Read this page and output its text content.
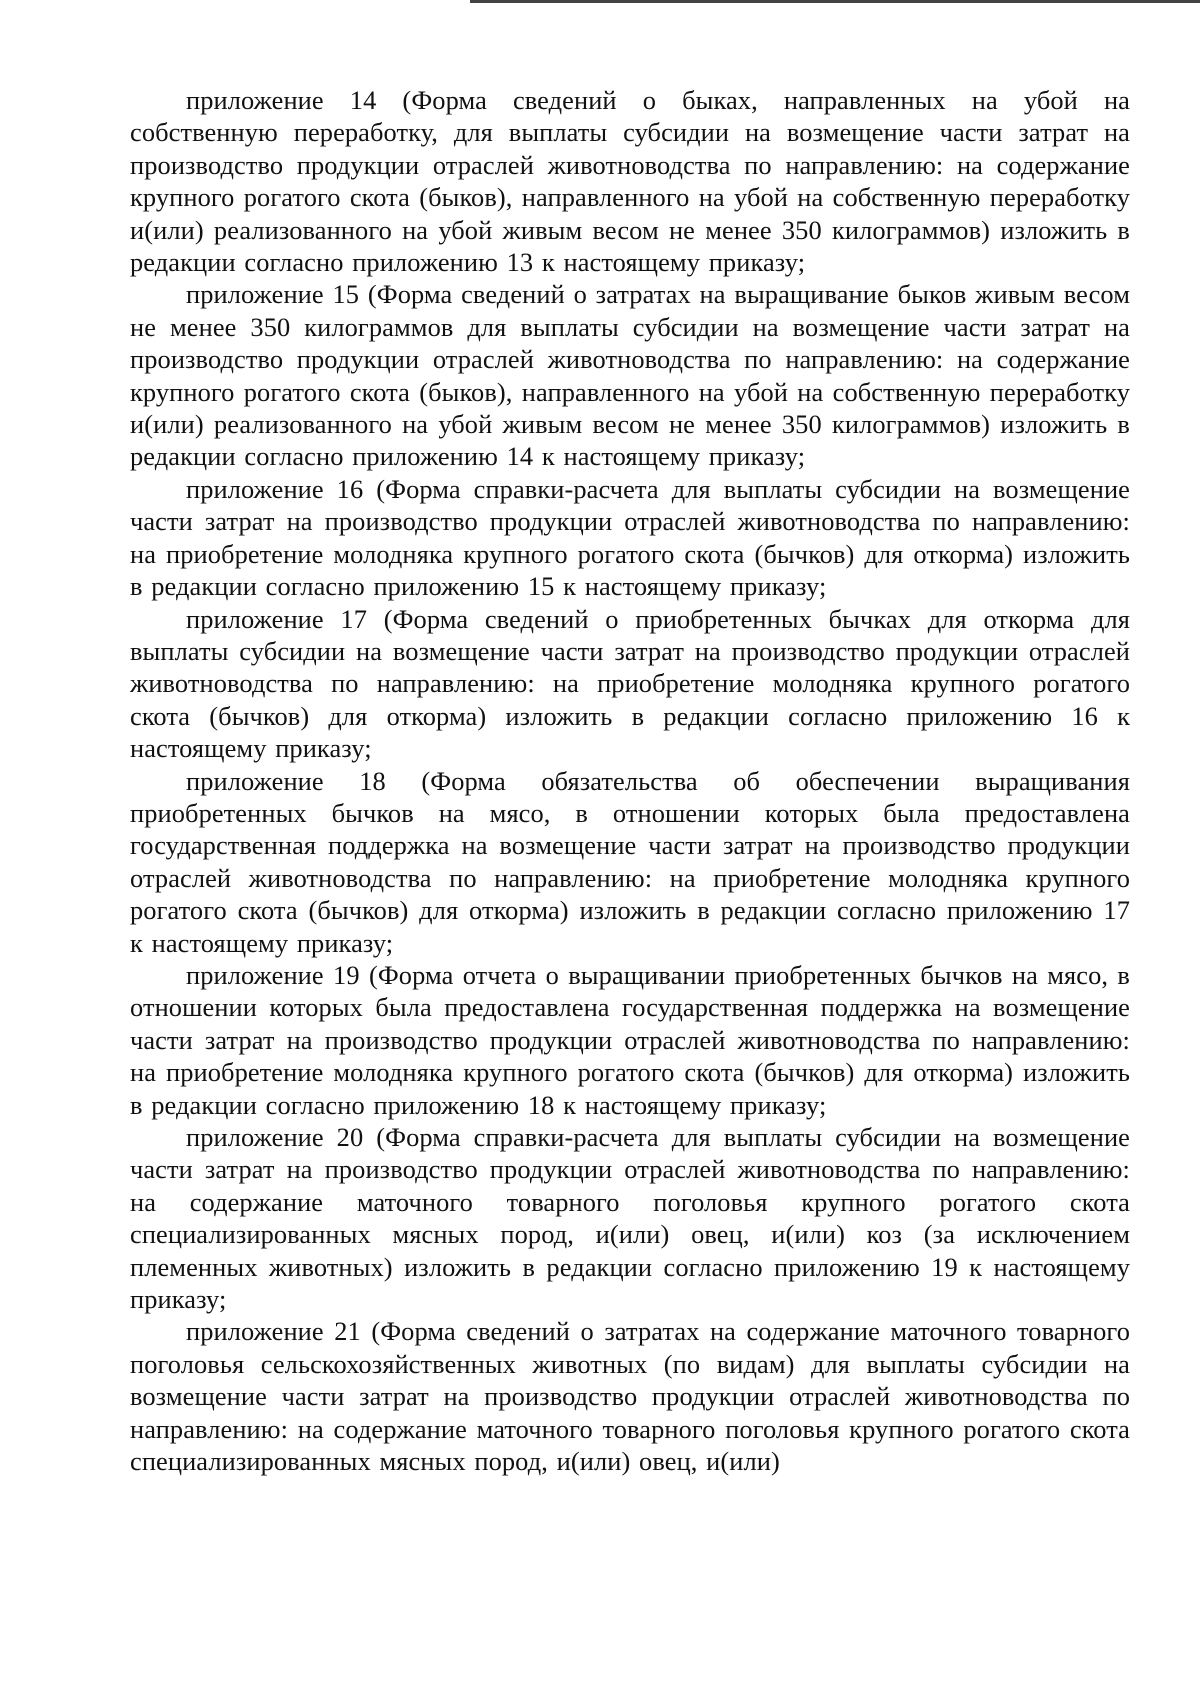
приложение 14 (Форма сведений о быках, направленных на убой на собственную переработку, для выплаты субсидии на возмещение части затрат на производство продукции отраслей животноводства по направлению: на содержание крупного рогатого скота (быков), направленного на убой на собственную переработку и(или) реализованного на убой живым весом не менее 350 килограммов) изложить в редакции согласно приложению 13 к настоящему приказу;

приложение 15 (Форма сведений о затратах на выращивание быков живым весом не менее 350 килограммов для выплаты субсидии на возмещение части затрат на производство продукции отраслей животноводства по направлению: на содержание крупного рогатого скота (быков), направленного на убой на собственную переработку и(или) реализованного на убой живым весом не менее 350 килограммов) изложить в редакции согласно приложению 14 к настоящему приказу;

приложение 16 (Форма справки-расчета для выплаты субсидии на возмещение части затрат на производство продукции отраслей животноводства по направлению: на приобретение молодняка крупного рогатого скота (бычков) для откорма) изложить в редакции согласно приложению 15 к настоящему приказу;

приложение 17 (Форма сведений о приобретенных бычках для откорма для выплаты субсидии на возмещение части затрат на производство продукции отраслей животноводства по направлению: на приобретение молодняка крупного рогатого скота (бычков) для откорма) изложить в редакции согласно приложению 16 к настоящему приказу;

приложение 18 (Форма обязательства об обеспечении выращивания приобретенных бычков на мясо, в отношении которых была предоставлена государственная поддержка на возмещение части затрат на производство продукции отраслей животноводства по направлению: на приобретение молодняка крупного рогатого скота (бычков) для откорма) изложить в редакции согласно приложению 17 к настоящему приказу;

приложение 19 (Форма отчета о выращивании приобретенных бычков на мясо, в отношении которых была предоставлена государственная поддержка на возмещение части затрат на производство продукции отраслей животноводства по направлению: на приобретение молодняка крупного рогатого скота (бычков) для откорма) изложить в редакции согласно приложению 18 к настоящему приказу;

приложение 20 (Форма справки-расчета для выплаты субсидии на возмещение части затрат на производство продукции отраслей животноводства по направлению: на содержание маточного товарного поголовья крупного рогатого скота специализированных мясных пород, и(или) овец, и(или) коз (за исключением племенных животных) изложить в редакции согласно приложению 19 к настоящему приказу;

приложение 21 (Форма сведений о затратах на содержание маточного товарного поголовья сельскохозяйственных животных (по видам) для выплаты субсидии на возмещение части затрат на производство продукции отраслей животноводства по направлению: на содержание маточного товарного поголовья крупного рогатого скота специализированных мясных пород, и(или) овец, и(или)
